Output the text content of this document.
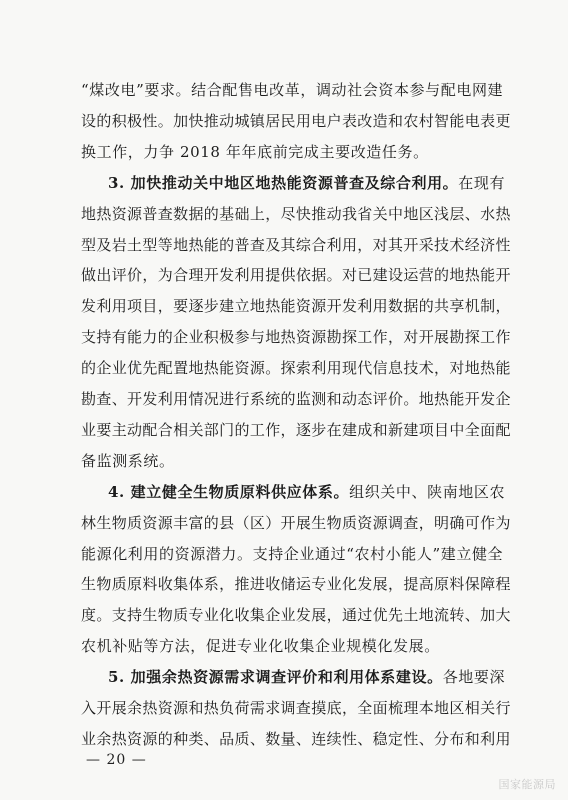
“煤改电”要求。结合配售电改革，调动社会资本参与配电网建
设的积极性。加快推动城镇居民用电户表改造和农村智能电表更
换工作，力争 2018 年年底前完成主要改造任务。
3. 加快推动关中地区地热能资源普查及综合利用。在现有
地热资源普查数据的基础上，尽快推动我省关中地区浅层、水热
型及岩土型等地热能的普查及其综合利用，对其开采技术经济性
做出评价，为合理开发利用提供依据。对已建设运营的地热能开
发利用项目，要逐步建立地热能资源开发利用数据的共享机制，
支持有能力的企业积极参与地热资源勘探工作，对开展勘探工作
的企业优先配置地热能资源。探索利用现代信息技术，对地热能
勘查、开发利用情况进行系统的监测和动态评价。地热能开发企
业要主动配合相关部门的工作，逐步在建成和新建项目中全面配
备监测系统。
4. 建立健全生物质原料供应体系。组织关中、陕南地区农
林生物质资源丰富的县（区）开展生物质资源调查，明确可作为
能源化利用的资源潜力。支持企业通过“农村小能人”建立健全
生物质原料收集体系，推进收储运专业化发展，提高原料保障程
度。支持生物质专业化收集企业发展，通过优先土地流转、加大
农机补贴等方法，促进专业化收集企业规模化发展。
5. 加强余热资源需求调查评价和利用体系建设。各地要深
入开展余热资源和热负荷需求调查摸底，全面梳理本地区相关行
业余热资源的种类、品质、数量、连续性、稳定性、分布和利用
— 20 —
国家能源局
